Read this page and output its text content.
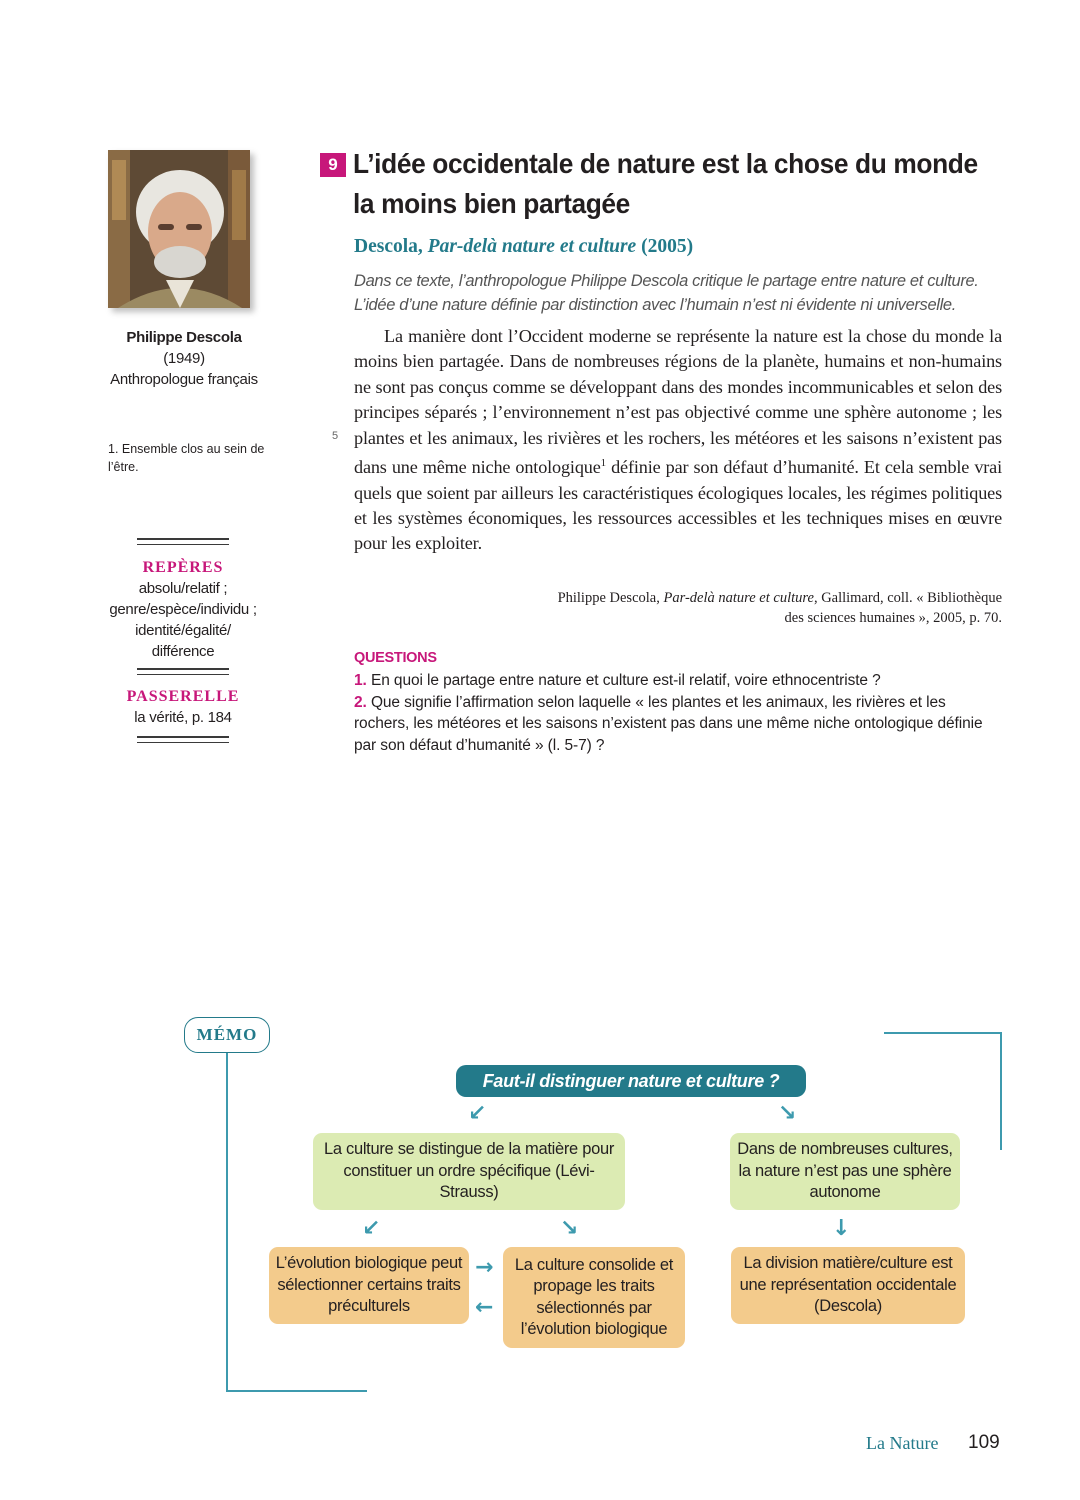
Philippe Descola
(1949)
Anthropologue français
1. Ensemble clos au sein de l’être.
REPÈRES
absolu/relatif ;
genre/espèce/individu ;
identité/égalité/
différence
PASSERELLE
la vérité, p. 184
9 L’idée occidentale de nature est la chose du monde la moins bien partagée
Descola, Par-delà nature et culture (2005)
Dans ce texte, l’anthropologue Philippe Descola critique le partage entre nature et culture. L’idée d’une nature définie par distinction avec l’humain n’est ni évidente ni universelle.
5
La manière dont l’Occident moderne se représente la nature est la chose du monde la moins bien partagée. Dans de nombreuses régions de la planète, humains et non-humains ne sont pas conçus comme se développant dans des mondes incommunicables et selon des principes séparés ; l’environnement n’est pas objectivé comme une sphère autonome ; les plantes et les animaux, les rivières et les rochers, les météores et les saisons n’existent pas dans une même niche ontologique$^1$ définie par son défaut d’humanité. Et cela semble vrai quels que soient par ailleurs les caractéristiques écologiques locales, les régimes politiques et les systèmes économiques, les ressources accessibles et les techniques mises en œuvre pour les exploiter.
Philippe Descola, Par-delà nature et culture, Gallimard, coll. « Bibliothèque
des sciences humaines », 2005, p. 70.
QUESTIONS
1. En quoi le partage entre nature et culture est-il relatif, voire ethnocentriste ?
2. Que signifie l’affirmation selon laquelle « les plantes et les animaux, les rivières et les rochers, les météores et les saisons n’existent pas dans une même niche ontologique définie par son défaut d’humanité » (l. 5-7) ?
MÉMO
Faut-il distinguer nature et culture ?
↙	↘
La culture se distingue de la matière pour constituer un ordre spécifique (Lévi-Strauss)
Dans de nombreuses cultures, la nature n’est pas une sphère autonome
↙	↘	↓
L’évolution biologique peut sélectionner certains traits préculturels
→
←
La culture consolide et propage les traits sélectionnés par l’évolution biologique
La division matière/culture est une représentation occidentale (Descola)
La Nature 109
